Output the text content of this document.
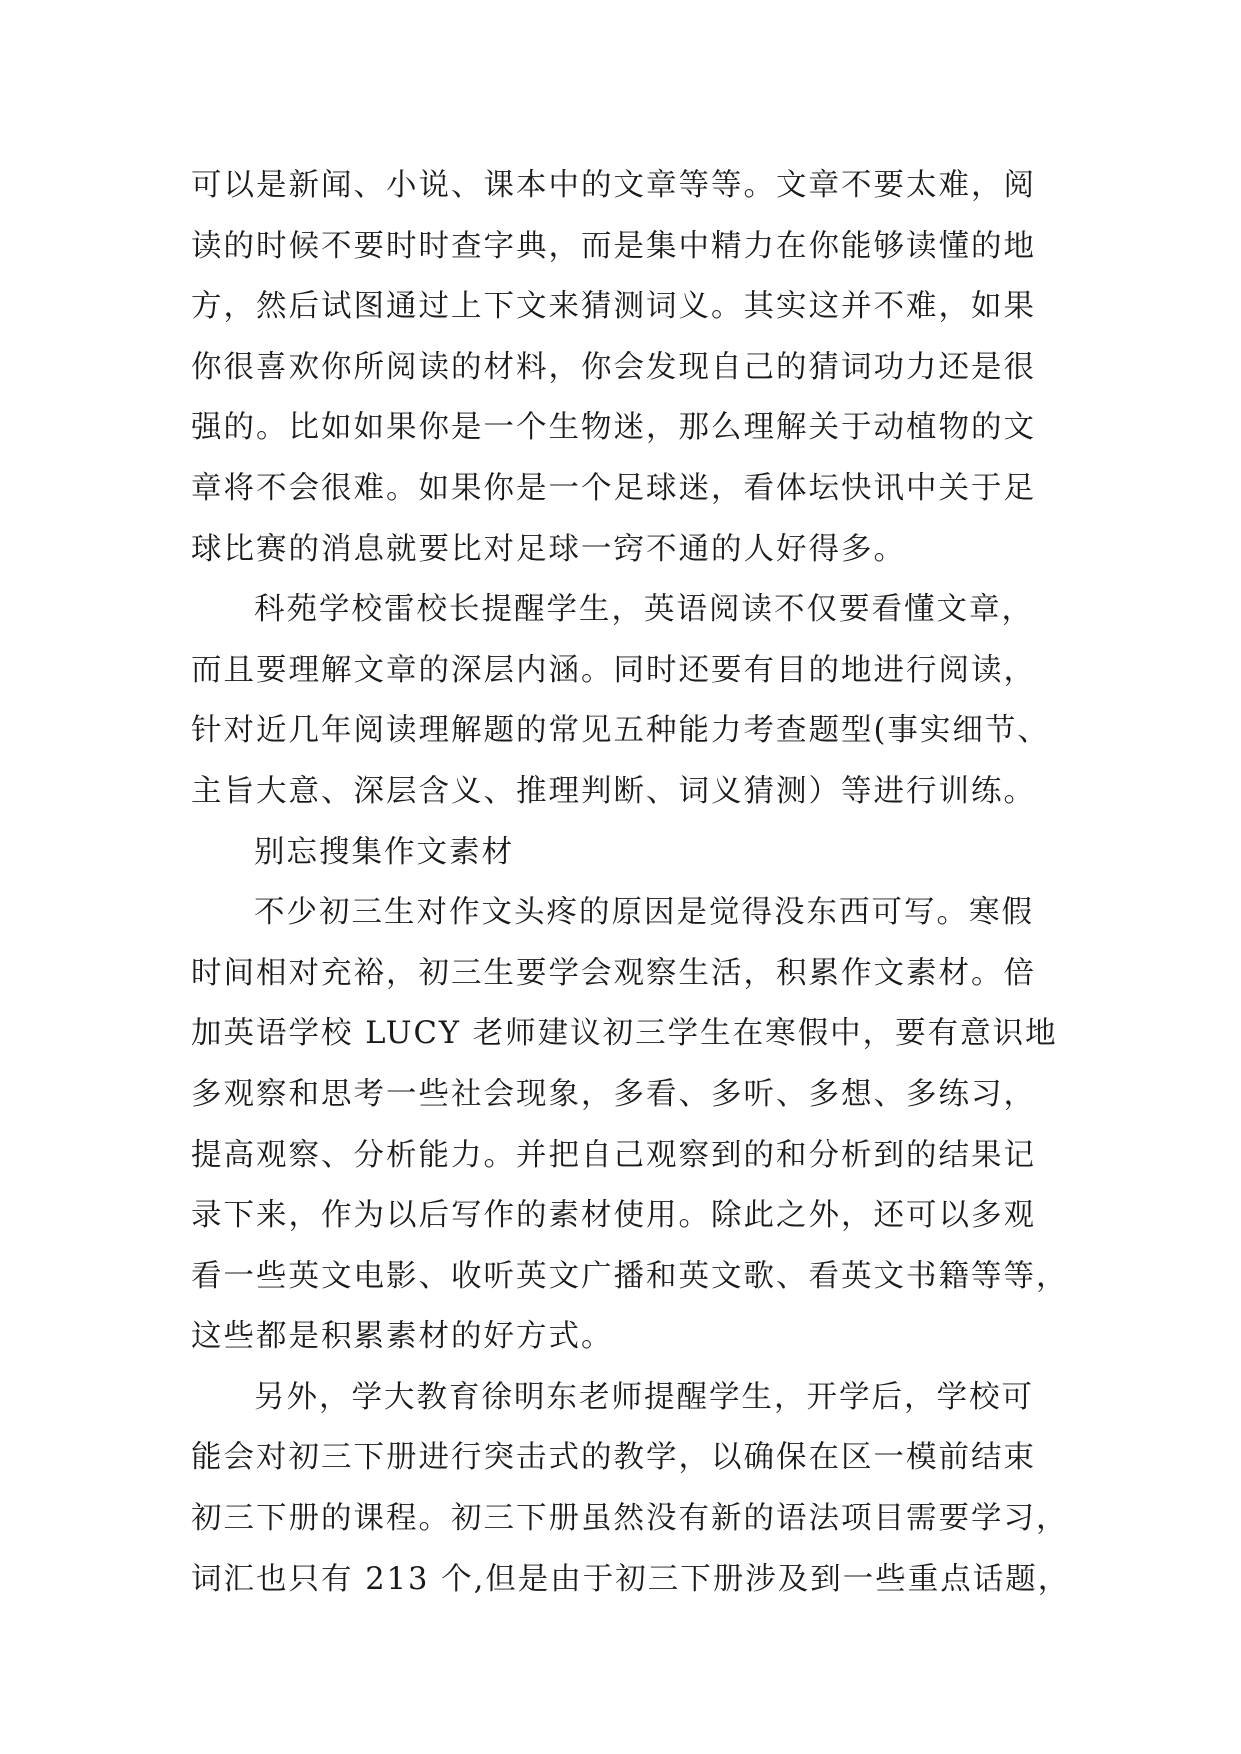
可以是新闻、小说、课本中的文章等等。文章不要太难，阅
读的时候不要时时查字典，而是集中精力在你能够读懂的地
方，然后试图通过上下文来猜测词义。其实这并不难，如果
你很喜欢你所阅读的材料，你会发现自己的猜词功力还是很
强的。比如如果你是一个生物迷，那么理解关于动植物的文
章将不会很难。如果你是一个足球迷，看体坛快讯中关于足
球比赛的消息就要比对足球一窍不通的人好得多。
科苑学校雷校长提醒学生，英语阅读不仅要看懂文章，
而且要理解文章的深层内涵。同时还要有目的地进行阅读，
针对近几年阅读理解题的常见五种能力考查题型(事实细节、
主旨大意、深层含义、推理判断、词义猜测）等进行训练。
别忘搜集作文素材
不少初三生对作文头疼的原因是觉得没东西可写。寒假
时间相对充裕，初三生要学会观察生活，积累作文素材。倍
加英语学校 LUCY 老师建议初三学生在寒假中，要有意识地
多观察和思考一些社会现象，多看、多听、多想、多练习，
提高观察、分析能力。并把自己观察到的和分析到的结果记
录下来，作为以后写作的素材使用。除此之外，还可以多观
看一些英文电影、收听英文广播和英文歌、看英文书籍等等，
这些都是积累素材的好方式。
另外，学大教育徐明东老师提醒学生，开学后，学校可
能会对初三下册进行突击式的教学，以确保在区一模前结束
初三下册的课程。初三下册虽然没有新的语法项目需要学习，
词汇也只有 213 个,但是由于初三下册涉及到一些重点话题，
